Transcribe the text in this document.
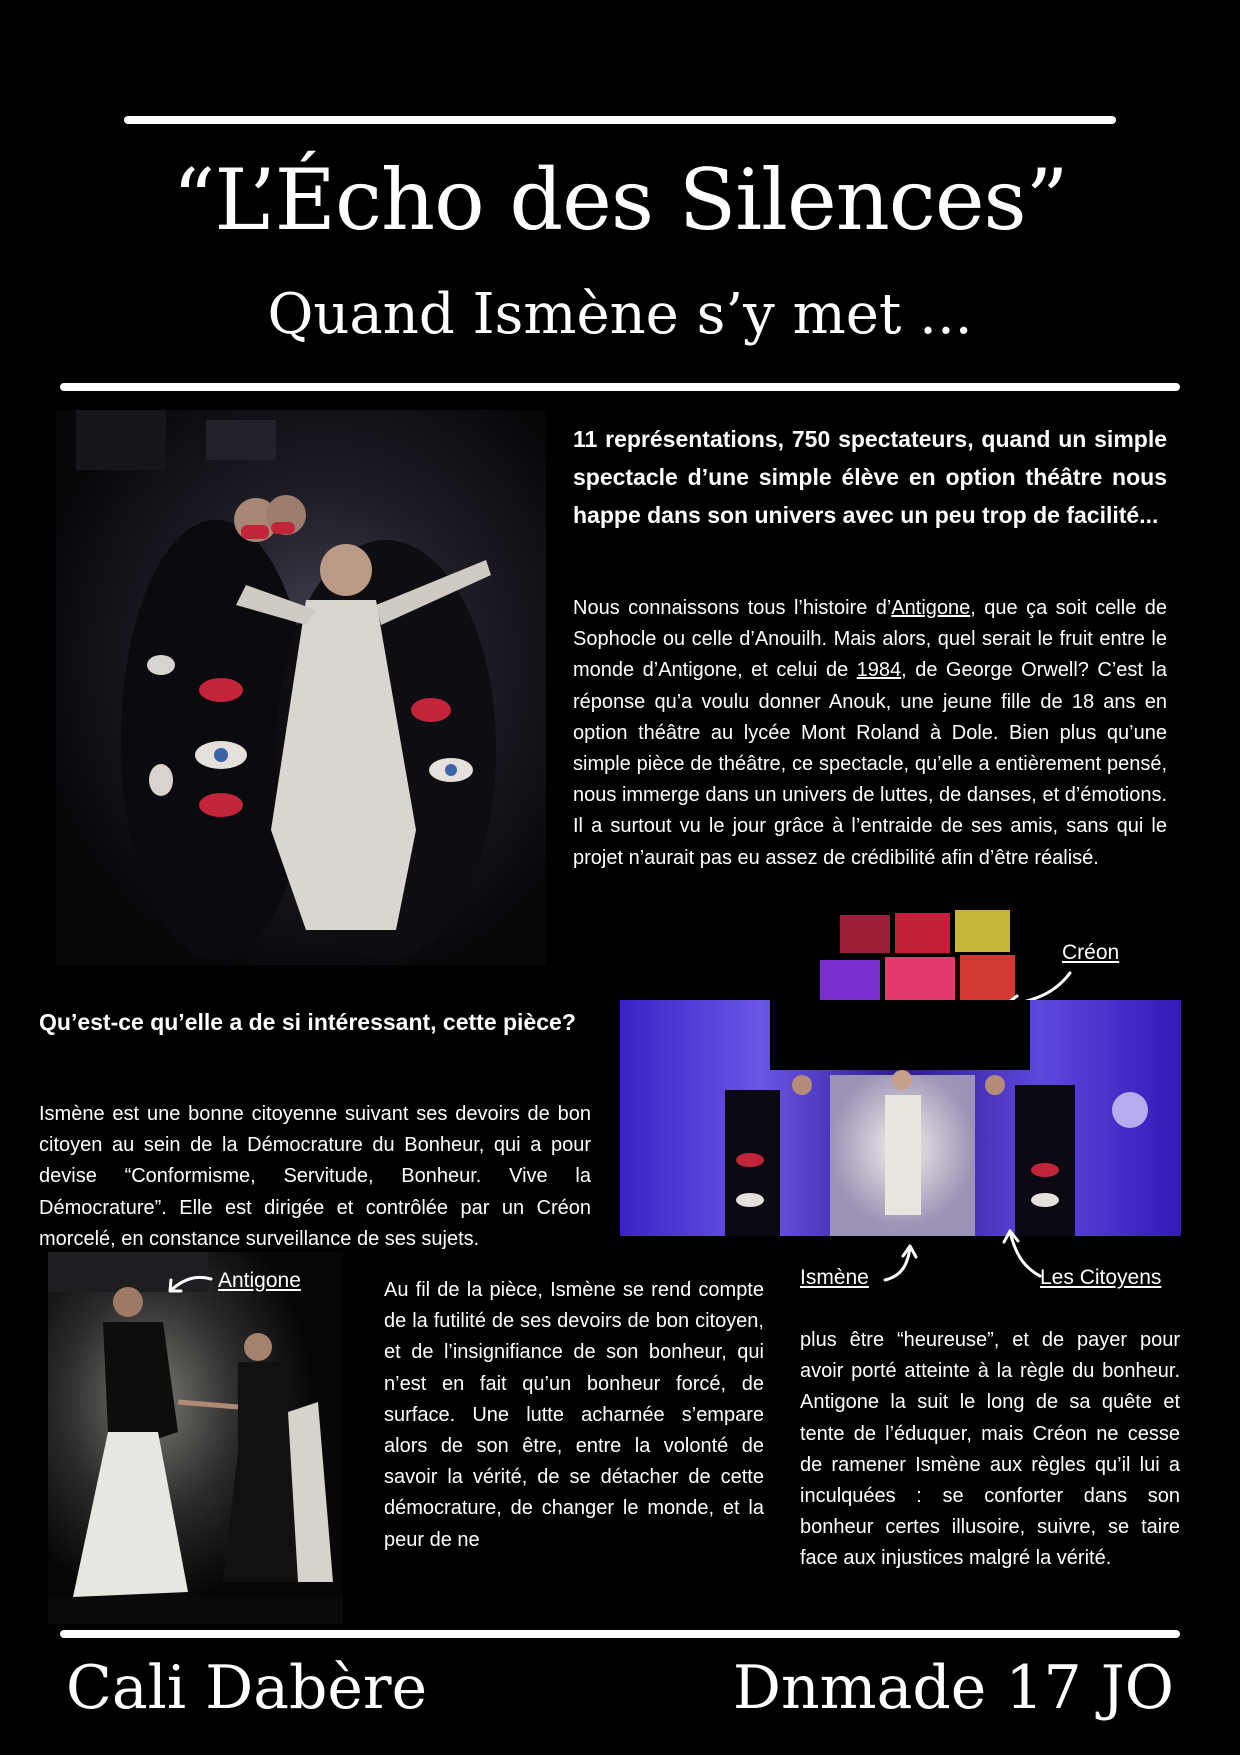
“L’Écho des Silences”
Quand Ismène s’y met ...
11 représentations, 750 spectateurs, quand un simple spectacle d’une simple élève en option théâtre nous happe dans son univers avec un peu trop de facilité...
Nous connaissons tous l’histoire d’Antigone, que ça soit celle de Sophocle ou celle d’Anouilh. Mais alors, quel serait le fruit entre le monde d’Antigone, et celui de 1984, de George Orwell? C’est la réponse qu’a voulu donner Anouk, une jeune fille de 18 ans en option théâtre au lycée Mont Roland à Dole. Bien plus qu’une simple pièce de théâtre, ce spectacle, qu’elle a entièrement pensé, nous immerge dans un univers de luttes, de danses, et d’émotions. Il a surtout vu le jour grâce à l’entraide de ses amis, sans qui le projet n’aurait pas eu assez de crédibilité afin d’être réalisé.
Créon
Ismène	Les Citoyens
Qu’est-ce qu’elle a de si intéressant, cette pièce?
Ismène est une bonne citoyenne suivant ses devoirs de bon citoyen au sein de la Démocrature du Bonheur, qui a pour devise “Conformisme, Servitude, Bonheur. Vive la Démocrature”. Elle est dirigée et contrôlée par un Créon morcelé, en constance surveillance de ses sujets.
Antigone	Au fil de la pièce, Ismène se rend compte de la futilité de ses devoirs de bon citoyen, et de l’insignifiance de son bonheur, qui n’est en fait qu’un bonheur forcé, de surface. Une lutte acharnée s’empare alors de son être, entre la volonté de savoir la vérité, de se détacher de cette démocrature, de changer le monde, et la peur de ne
plus être “heureuse”, et de payer pour avoir porté atteinte à la règle du bonheur. Antigone la suit le long de sa quête et tente de l’éduquer, mais Créon ne cesse de ramener Ismène aux règles qu’il lui a inculquées : se conforter dans son bonheur certes illusoire, suivre, se taire face aux injustices malgré la vérité.
Cali Dabère	Dnmade 17 JO
